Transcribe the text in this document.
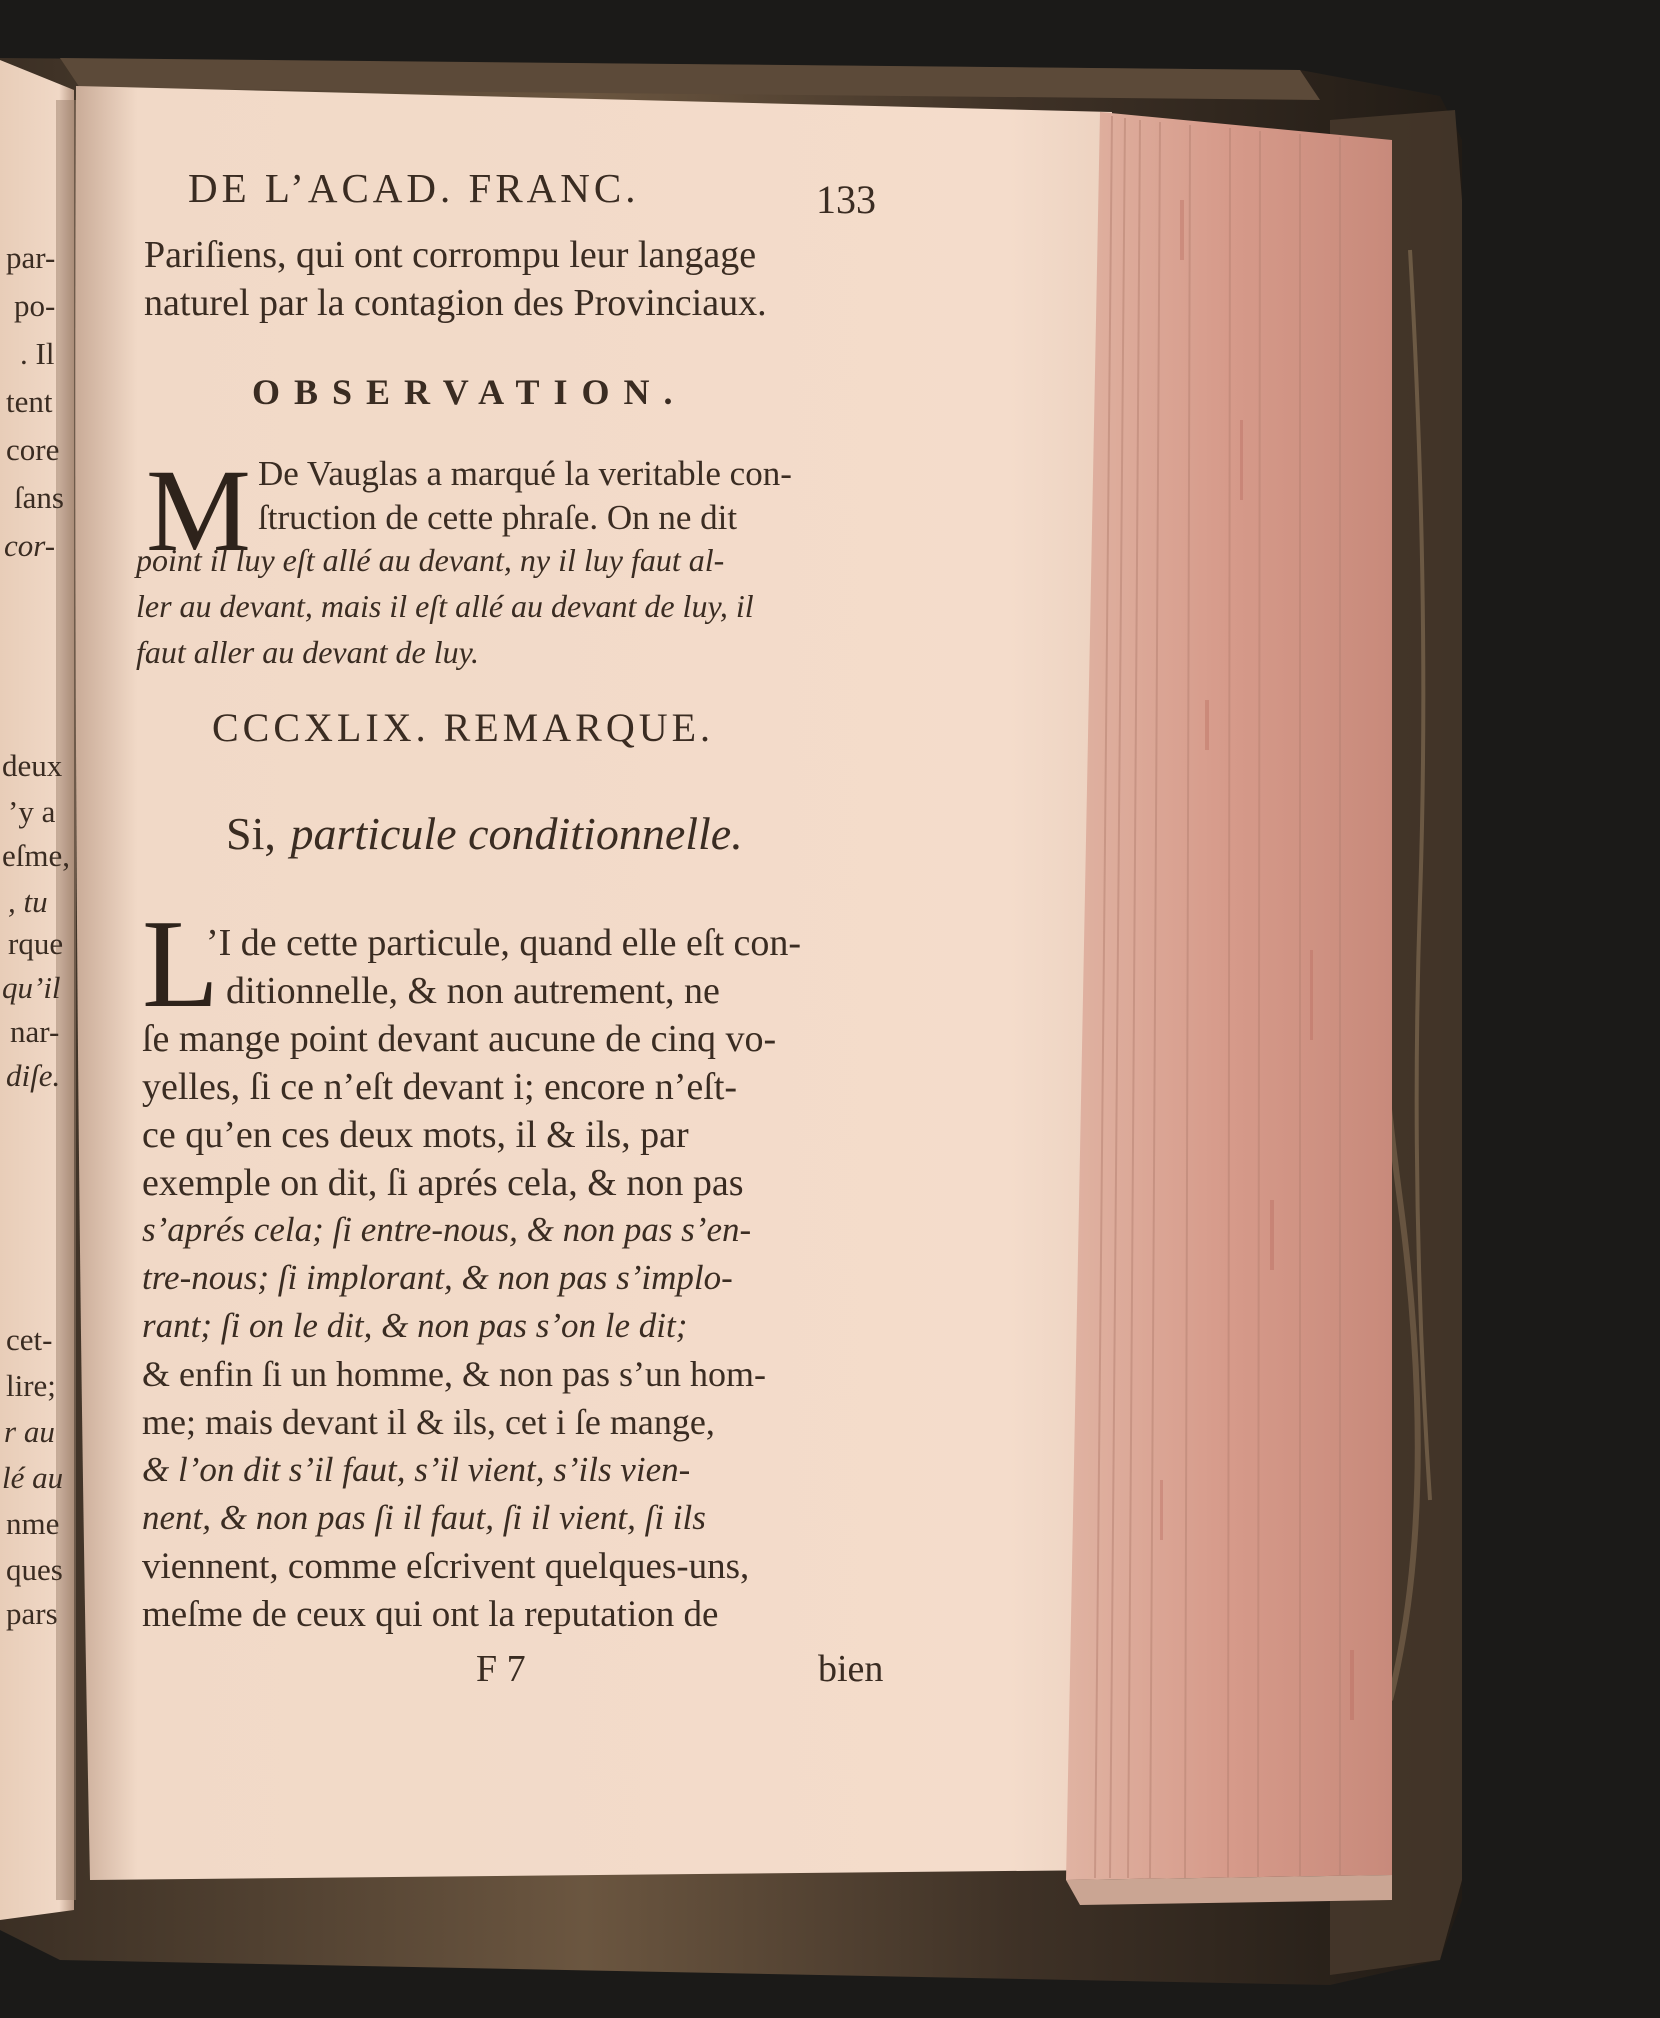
par-
po-
. Il
tent
core
ſans
cor-
deux
’y a
eſme,
, tu
rque
qu’il
nar-
diſe.
cet-
lire;
r au
lé au
nme
ques
pars
DE L’ACAD. FRANC.	133
Pariſiens, qui ont corrompu leur langage
naturel par la contagion des Provinciaux.
OBSERVATION.
M De Vauglas a marqué la veritable con-
ſtruction de cette phraſe. On ne dit
point il luy eſt allé au devant, ny il luy faut al-
ler au devant, mais il eſt allé au devant de luy, il
faut aller au devant de luy.
CCCXLIX. REMARQUE.
Si, particule conditionnelle.
L
’I de cette particule, quand elle eſt con-
ditionnelle, & non autrement, ne
ſe mange point devant aucune de cinq vo-
yelles, ſi ce n’eſt devant i; encore n’eſt-
ce qu’en ces deux mots, il & ils, par
exemple on dit, ſi aprés cela, & non pas
s’aprés cela; ſi entre-nous, & non pas s’en-
tre-nous; ſi implorant, & non pas s’implo-
rant; ſi on le dit, & non pas s’on le dit;
& enfin ſi un homme, & non pas s’un hom-
me; mais devant il & ils, cet i ſe mange,
& l’on dit s’il faut, s’il vient, s’ils vien-
nent, & non pas ſi il faut, ſi il vient, ſi ils
viennent, comme eſcrivent quelques-uns,
meſme de ceux qui ont la reputation de
F 7	bien
